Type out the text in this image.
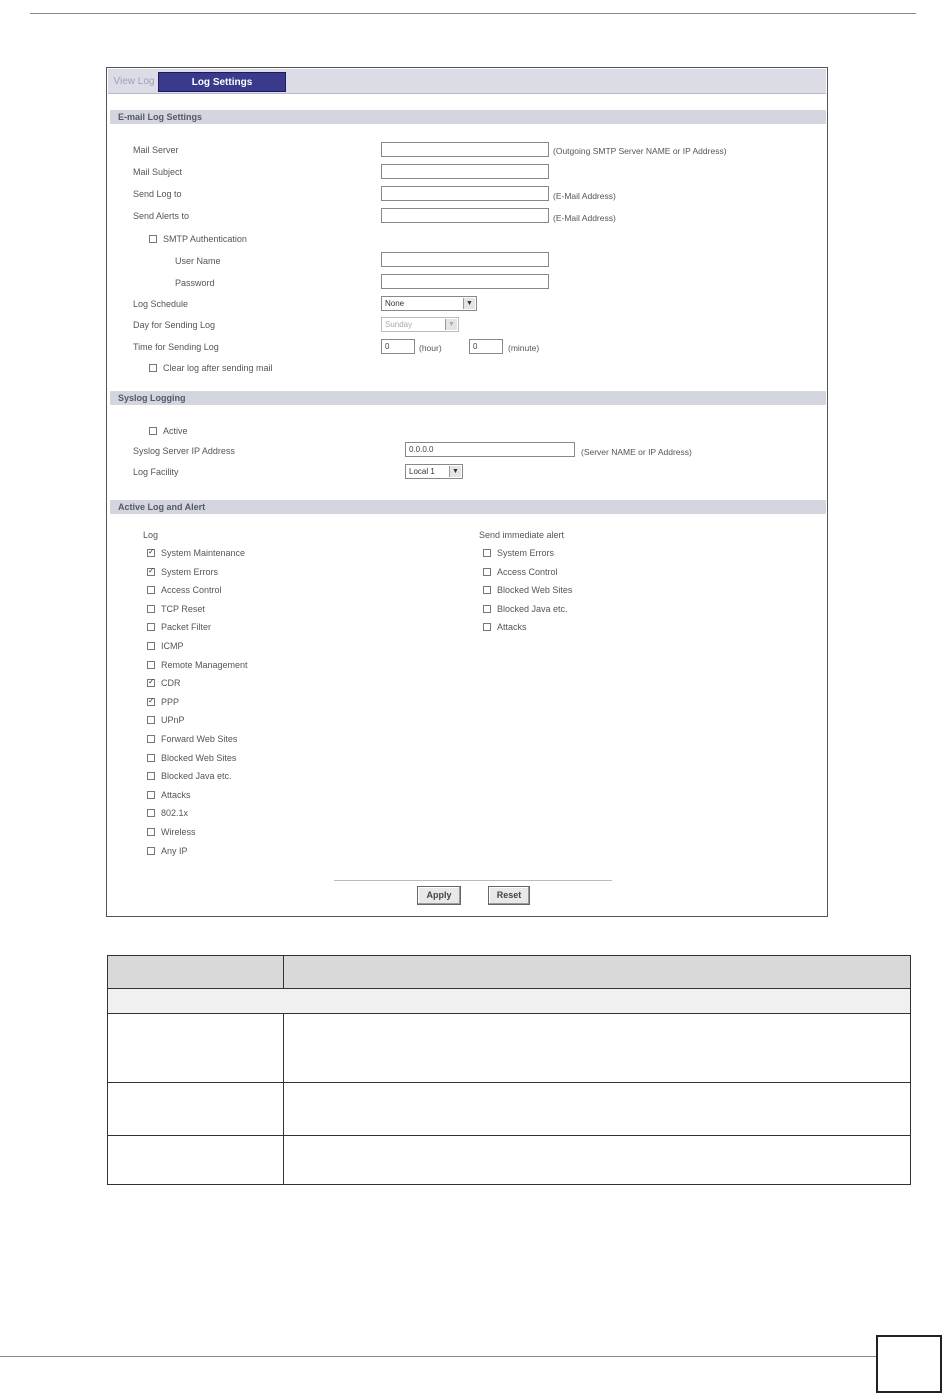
View Log	Log Settings
E-mail Log Settings
Mail Server	(Outgoing SMTP Server NAME or IP Address)
Mail Subject
Send Log to	(E-Mail Address)
Send Alerts to	(E-Mail Address)
SMTP Authentication
User Name
Password
Log Schedule	None	▼
Day for Sending Log	Sunday	▼
Time for Sending Log	0	(hour)	0	(minute)
Clear log after sending mail
Syslog Logging
Active
Syslog Server IP Address	0.0.0.0	(Server NAME or IP Address)
Log Facility	Local 1	▼
Active Log and Alert
Log	Send immediate alert
✓
System Maintenance
✓
System Errors
Access Control
TCP Reset
Packet Filter
ICMP
Remote Management
✓
CDR
✓
PPP
UPnP
Forward Web Sites
Blocked Web Sites
Blocked Java etc.
Attacks
802.1x
Wireless
Any IP
System Errors
Access Control
Blocked Web Sites
Blocked Java etc.
Attacks
Apply	Reset
